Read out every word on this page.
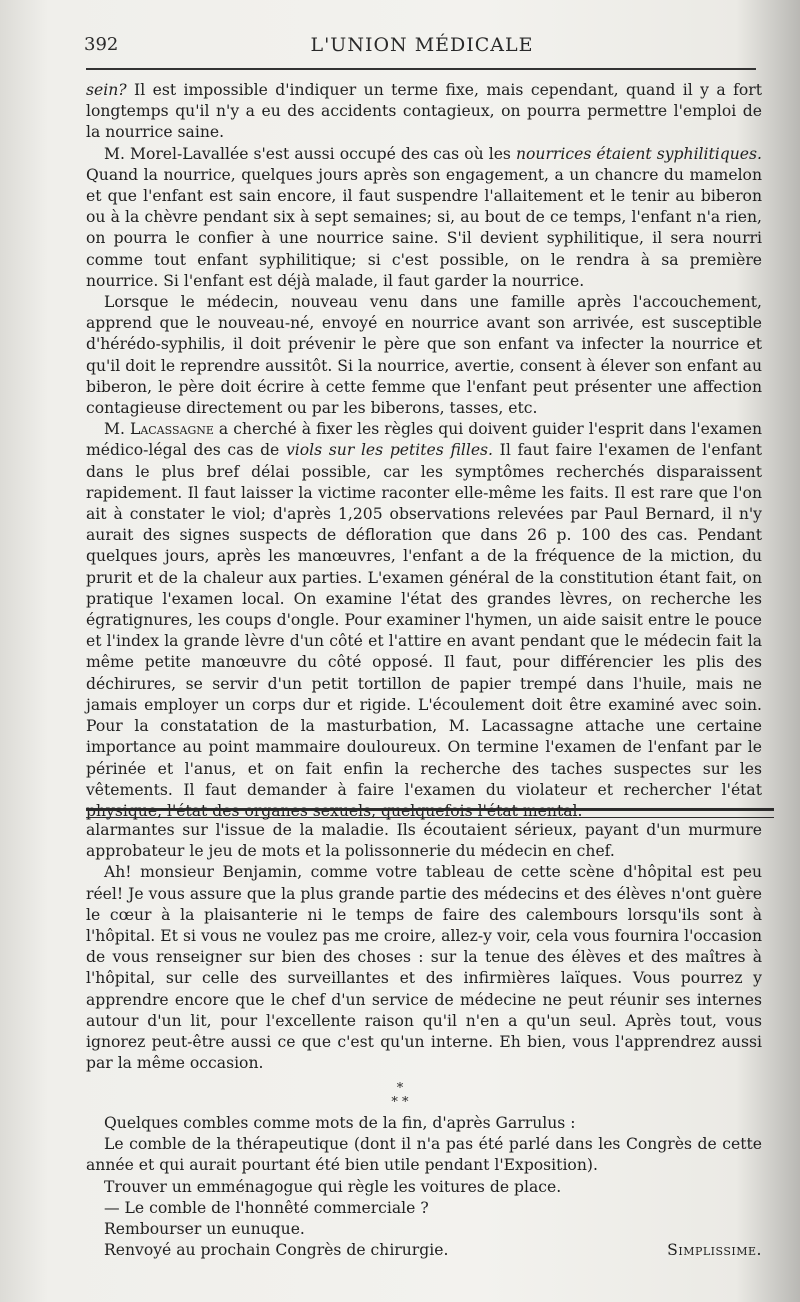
392	L'UNION MÉDICALE

sein? Il est impossible d'indiquer un terme fixe, mais cependant, quand il y a fort longtemps qu'il n'y a eu des accidents contagieux, on pourra permettre l'emploi de la nourrice saine.

M. Morel-Lavallée s'est aussi occupé des cas où les nourrices étaient syphilitiques. Quand la nourrice, quelques jours après son engagement, a un chancre du mamelon et que l'enfant est sain encore, il faut suspendre l'allaitement et le tenir au biberon ou à la chèvre pendant six à sept semaines; si, au bout de ce temps, l'enfant n'a rien, on pourra le confier à une nourrice saine. S'il devient syphilitique, il sera nourri comme tout enfant syphilitique; si c'est possible, on le rendra à sa première nourrice. Si l'enfant est déjà malade, il faut garder la nourrice.

Lorsque le médecin, nouveau venu dans une famille après l'accouchement, apprend que le nouveau-né, envoyé en nourrice avant son arrivée, est susceptible d'hérédo-syphilis, il doit prévenir le père que son enfant va infecter la nourrice et qu'il doit le reprendre aussitôt. Si la nourrice, avertie, consent à élever son enfant au biberon, le père doit écrire à cette femme que l'enfant peut présenter une affection contagieuse directement ou par les biberons, tasses, etc.

M. Lacassagne a cherché à fixer les règles qui doivent guider l'esprit dans l'examen médico-légal des cas de viols sur les petites filles. Il faut faire l'examen de l'enfant dans le plus bref délai possible, car les symptômes recherchés disparaissent rapidement. Il faut laisser la victime raconter elle-même les faits. Il est rare que l'on ait à constater le viol; d'après 1,205 observations relevées par Paul Bernard, il n'y aurait des signes suspects de défloration que dans 26 p. 100 des cas. Pendant quelques jours, après les manœuvres, l'enfant a de la fréquence de la miction, du prurit et de la chaleur aux parties. L'examen général de la constitution étant fait, on pratique l'examen local. On examine l'état des grandes lèvres, on recherche les égratignures, les coups d'ongle. Pour examiner l'hymen, un aide saisit entre le pouce et l'index la grande lèvre d'un côté et l'attire en avant pendant que le médecin fait la même petite manœuvre du côté opposé. Il faut, pour différencier les plis des déchirures, se servir d'un petit tortillon de papier trempé dans l'huile, mais ne jamais employer un corps dur et rigide. L'écoulement doit être examiné avec soin. Pour la constatation de la masturbation, M. Lacassagne attache une certaine importance au point mammaire douloureux. On termine l'examen de l'enfant par le périnée et l'anus, et on fait enfin la recherche des taches suspectes sur les vêtements. Il faut demander à faire l'examen du violateur et rechercher l'état physique, l'état des organes sexuels, quelquefois l'état mental.

alarmantes sur l'issue de la maladie. Ils écoutaient sérieux, payant d'un murmure approbateur le jeu de mots et la polissonnerie du médecin en chef.

Ah! monsieur Benjamin, comme votre tableau de cette scène d'hôpital est peu réel! Je vous assure que la plus grande partie des médecins et des élèves n'ont guère le cœur à la plaisanterie ni le temps de faire des calembours lorsqu'ils sont à l'hôpital. Et si vous ne voulez pas me croire, allez-y voir, cela vous fournira l'occasion de vous renseigner sur bien des choses : sur la tenue des élèves et des maîtres à l'hôpital, sur celle des surveillantes et des infirmières laïques. Vous pourrez y apprendre encore que le chef d'un service de médecine ne peut réunir ses internes autour d'un lit, pour l'excellente raison qu'il n'en a qu'un seul. Après tout, vous ignorez peut-être aussi ce que c'est qu'un interne. Eh bien, vous l'apprendrez aussi par la même occasion.

*
* *

Quelques combles comme mots de la fin, d'après Garrulus :

Le comble de la thérapeutique (dont il n'a pas été parlé dans les Congrès de cette année et qui aurait pourtant été bien utile pendant l'Exposition).

Trouver un emménagogue qui règle les voitures de place.

— Le comble de l'honnêté commerciale ?

Rembourser un eunuque.

Renvoyé au prochain Congrès de chirurgie.	Simplissime.
